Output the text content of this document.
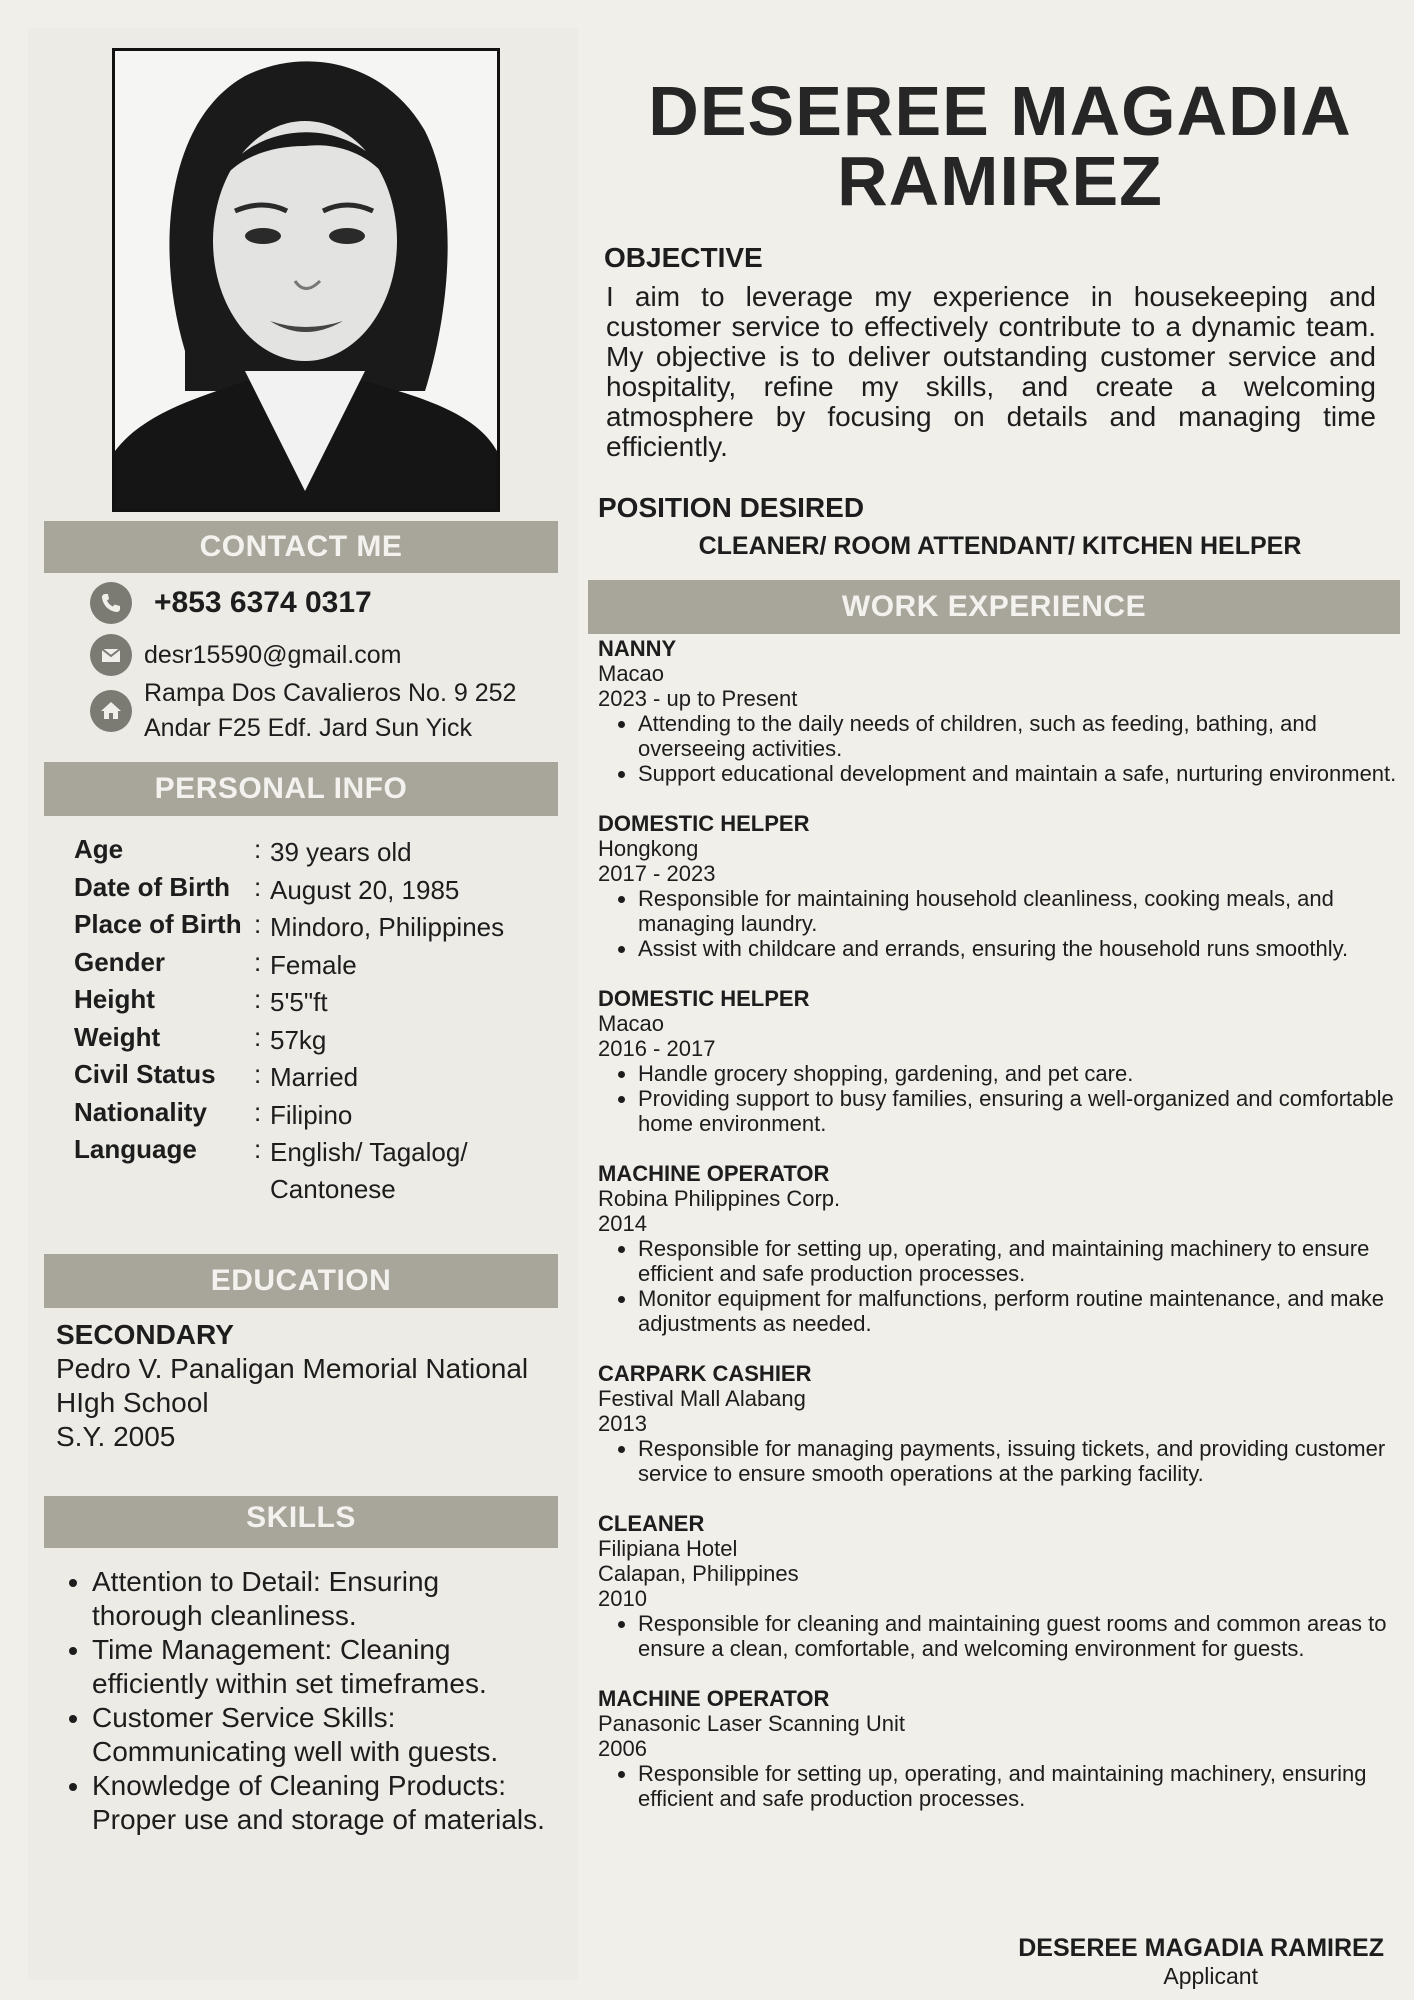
CONTACT ME
+853 6374 0317
desr15590@gmail.com
Rampa Dos Cavalieros No. 9 252
Andar F25 Edf. Jard Sun Yick
PERSONAL INFO
Age	: 39 years old
Date of Birth : August 20, 1985
Place of Birth : Mindoro, Philippines
Gender	: Female
Height	: 5'5"ft
Weight	: 57kg
Civil Status	: Married
Nationality	: Filipino
Language	: English/ Tagalog/ Cantonese
EDUCATION
SECONDARY
Pedro V. Panaligan Memorial National HIgh School
S.Y. 2005
SKILLS
• Attention to Detail: Ensuring thorough cleanliness.
• Time Management: Cleaning efficiently within set timeframes.
• Customer Service Skills: Communicating well with guests.
• Knowledge of Cleaning Products: Proper use and storage of materials.
DESEREE MAGADIA
RAMIREZ
OBJECTIVE
I aim to leverage my experience in housekeeping and customer service to effectively contribute to a dynamic team. My objective is to deliver outstanding customer service and hospitality, refine my skills, and create a welcoming atmosphere by focusing on details and managing time efficiently.
POSITION DESIRED
CLEANER/ ROOM ATTENDANT/ KITCHEN HELPER
WORK EXPERIENCE
NANNY
Macao
2023 - up to Present
• Attending to the daily needs of children, such as feeding, bathing, and overseeing activities.
• Support educational development and maintain a safe, nurturing environment.
DOMESTIC HELPER
Hongkong
2017 - 2023
• Responsible for maintaining household cleanliness, cooking meals, and managing laundry.
• Assist with childcare and errands, ensuring the household runs smoothly.
DOMESTIC HELPER
Macao
2016 - 2017
• Handle grocery shopping, gardening, and pet care.
• Providing support to busy families, ensuring a well-organized and comfortable home environment.
MACHINE OPERATOR
Robina Philippines Corp.
2014
• Responsible for setting up, operating, and maintaining machinery to ensure efficient and safe production processes.
• Monitor equipment for malfunctions, perform routine maintenance, and make adjustments as needed.
CARPARK CASHIER
Festival Mall Alabang
2013
• Responsible for managing payments, issuing tickets, and providing customer service to ensure smooth operations at the parking facility.
CLEANER
Filipiana Hotel
Calapan, Philippines
2010
• Responsible for cleaning and maintaining guest rooms and common areas to ensure a clean, comfortable, and welcoming environment for guests.
MACHINE OPERATOR
Panasonic Laser Scanning Unit
2006
• Responsible for setting up, operating, and maintaining machinery, ensuring efficient and safe production processes.
DESEREE MAGADIA RAMIREZ
Applicant
